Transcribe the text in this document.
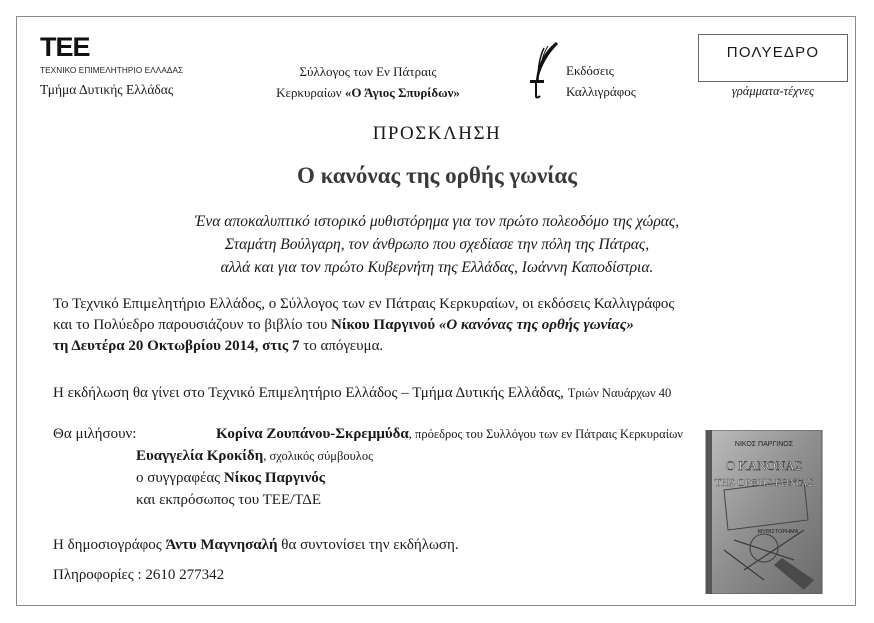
ΤΕΕ
ΤΕΧΝΙΚΟ ΕΠΙΜΕΛΗΤΗΡΙΟ ΕΛΛΑΔΑΣ
Τμήμα Δυτικής Ελλάδας
Σύλλογος των Εν Πάτραις
Κερκυραίων «Ο Άγιος Σπυρίδων»
Εκδόσεις
Καλλιγράφος
ΠΟΛΥΕΔΡΟ
γράμματα-τέχνες
ΠΡΟΣΚΛΗΣΗ
Ο κανόνας της ορθής γωνίας
Ένα αποκαλυπτικό ιστορικό μυθιστόρημα για τον πρώτο πολεοδόμο της χώρας,
Σταμάτη Βούλγαρη, τον άνθρωπο που σχεδίασε την πόλη της Πάτρας,
αλλά και για τον πρώτο Κυβερνήτη της Ελλάδας, Ιωάννη Καποδίστρια.
Το Τεχνικό Επιμελητήριο Ελλάδος, ο Σύλλογος των εν Πάτραις Κερκυραίων, οι εκδόσεις Καλλιγράφος
και το Πολύεδρο παρουσιάζουν το βιβλίο του Νίκου Παργινού «Ο κανόνας της ορθής γωνίας»
τη Δευτέρα 20 Οκτωβρίου 2014, στις 7 το απόγευμα.
Η εκδήλωση θα γίνει στο Τεχνικό Επιμελητήριο Ελλάδος – Τμήμα Δυτικής Ελλάδας, Τριών Ναυάρχων 40
Θα μιλήσουν:	Κορίνα Ζουπάνου-Σκρεμμύδα, πρόεδρος του Συλλόγου των εν Πάτραις Κερκυραίων
Ευαγγελία Κροκίδη, σχολικός σύμβουλος
ο συγγραφέας Νίκος Παργινός
και εκπρόσωπος του ΤΕΕ/ΤΔΕ
Η δημοσιογράφος Άντυ Μαγνησαλή θα συντονίσει την εκδήλωση.
Πληροφορίες : 2610 277342
ΝΙΚΟΣ ΠΑΡΓΙΝΟΣ
Ο ΚΑΝΟΝΑΣ
ΤΗΣ ΟΡΘΗΣ ΓΩΝΙΑΣ
ΜΥΘΙΣΤΟΡΗΜΑ
